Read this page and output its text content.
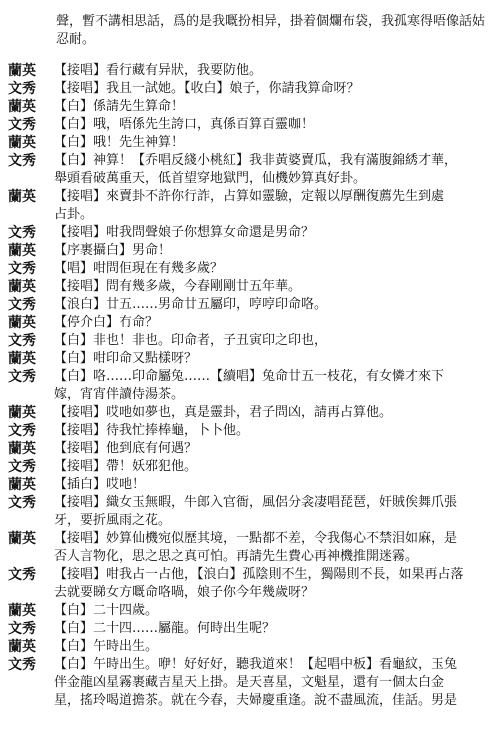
聲，暫不講相思話，爲的是我嘅扮相异，掛着個爛布袋，我孤寒得唔像話姑忍耐。

蘭英	【接唱】看行藏有异狀，我要防他。

文秀	【接唱】我且一試她。【收白】娘子，你請我算命呀？

蘭英	【白】係請先生算命！

文秀	【白】哦，唔係先生誇口，真係百算百靈咖！

蘭英	【白】哦！先生神算！

文秀	【白】神算！【乔唱反綫小桃紅】我非黃婆賣瓜，我有滿腹錦綉才華，

舉頭看破萬重天，低首望穿地獄門，仙機妙算真好卦。

蘭英	【接唱】來賣卦不許你行詐，占算如靈驗，定報以厚酬復薦先生到處

占卦。

文秀	【接唱】咁我問聲娘子你想算女命還是男命？

蘭英	【序裹攝白】男命！

文秀	【唱】咁問佢現在有幾多歲？

蘭英	【接唱】問有幾多歲，今春剛剛廿五年華。

文秀	【浪白】廿五……男命廿五屬印，哼哼印命咯。

蘭英	【停介白】冇命？

文秀	【白】非也！非也。印命者，子丑寅印之印也，

蘭英	【白】咁印命又點樣呀？

文秀	【白】咯……印命屬兔……【續唱】兔命廿五一枝花，有女憐才來下

嫁，宵宵伴讀侍湯茶。

蘭英	【接唱】哎吔如夢也，真是靈卦，君子問凶，請再占算他。

文秀	【接唱】待我忙捧棒龜，卜卜他。

蘭英	【接唱】他到底有何遇？

文秀	【接唱】帶！妖邪犯他。

蘭英	【插白】哎吔！

文秀	【接唱】織女玉無暇，牛郎入官衙，風侶分衾凄唱琵琶，奸賊俟舞爪張

牙，要折風雨之花。

蘭英	【接唱】妙算仙機宛似歷其境，一點都不差，令我傷心不禁泪如麻，是

否人言物化，思之思之真可怕。再請先生費心再神機推開迷霧。

文秀	【接唱】咁我占一占他，【浪白】孤陰則不生，獨陽則不長，如果再占落

去就要睇女方嘅命咯喎，娘子你今年幾歲呀？

蘭英	【白】二十四歲。

文秀	【白】二十四……屬龍。何時出生呢？

蘭英	【白】午時出生。

文秀	【白】午時出生。咿！好好好，聽我道來！【起唱中板】看龜紋，玉兔

伴金龍凶星霧裹藏吉星天上掛。是天喜星，文魁星，還有一個太白金

星，搖玲喝道擔茶。就在今春，夫婦慶重逢。說不盡風流，佳話。男是
